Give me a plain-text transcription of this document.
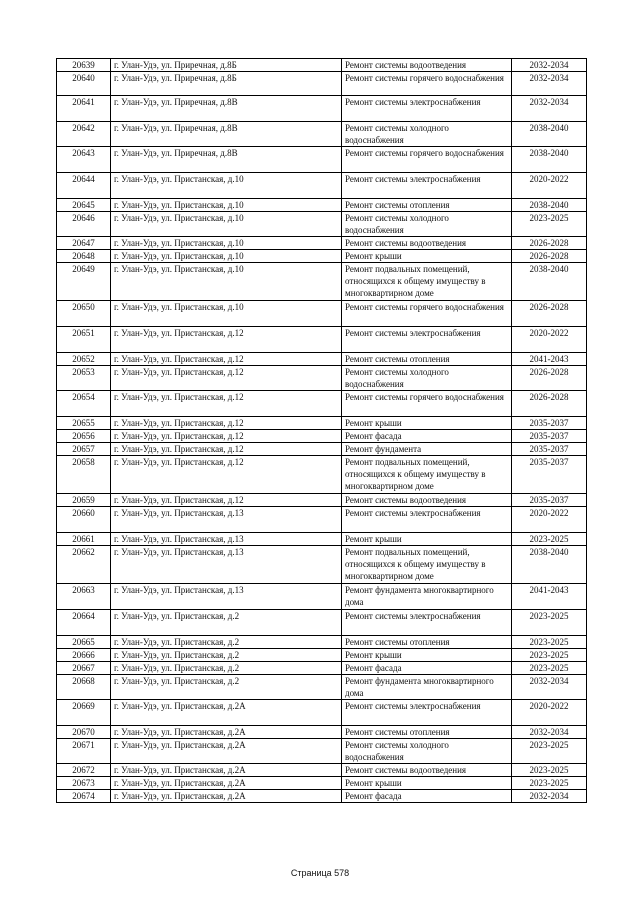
20639	г. Улан-Удэ, ул. Приречная, д.8Б	Ремонт системы водоотведения	2032-2034
20640	г. Улан-Удэ, ул. Приречная, д.8Б	Ремонт системы горячего водоснабжения	2032-2034
20641	г. Улан-Удэ, ул. Приречная, д.8В	Ремонт системы электроснабжения	2032-2034
20642	г. Улан-Удэ, ул. Приречная, д.8В	Ремонт системы холодного водоснабжения	2038-2040
20643	г. Улан-Удэ, ул. Приречная, д.8В	Ремонт системы горячего водоснабжения	2038-2040
20644	г. Улан-Удэ, ул. Пристанская, д.10	Ремонт системы электроснабжения	2020-2022
20645	г. Улан-Удэ, ул. Пристанская, д.10	Ремонт системы отопления	2038-2040
20646	г. Улан-Удэ, ул. Пристанская, д.10	Ремонт системы холодного водоснабжения	2023-2025
20647	г. Улан-Удэ, ул. Пристанская, д.10	Ремонт системы водоотведения	2026-2028
20648	г. Улан-Удэ, ул. Пристанская, д.10	Ремонт крыши	2026-2028
20649	г. Улан-Удэ, ул. Пристанская, д.10	Ремонт подвальных помещений, относящихся к общему имуществу в многоквартирном доме	2038-2040
20650	г. Улан-Удэ, ул. Пристанская, д.10	Ремонт системы горячего водоснабжения	2026-2028
20651	г. Улан-Удэ, ул. Пристанская, д.12	Ремонт системы электроснабжения	2020-2022
20652	г. Улан-Удэ, ул. Пристанская, д.12	Ремонт системы отопления	2041-2043
20653	г. Улан-Удэ, ул. Пристанская, д.12	Ремонт системы холодного водоснабжения	2026-2028
20654	г. Улан-Удэ, ул. Пристанская, д.12	Ремонт системы горячего водоснабжения	2026-2028
20655	г. Улан-Удэ, ул. Пристанская, д.12	Ремонт крыши	2035-2037
20656	г. Улан-Удэ, ул. Пристанская, д.12	Ремонт фасада	2035-2037
20657	г. Улан-Удэ, ул. Пристанская, д.12	Ремонт фундамента	2035-2037
20658	г. Улан-Удэ, ул. Пристанская, д.12	Ремонт подвальных помещений, относящихся к общему имуществу в многоквартирном доме	2035-2037
20659	г. Улан-Удэ, ул. Пристанская, д.12	Ремонт системы водоотведения	2035-2037
20660	г. Улан-Удэ, ул. Пристанская, д.13	Ремонт системы электроснабжения	2020-2022
20661	г. Улан-Удэ, ул. Пристанская, д.13	Ремонт крыши	2023-2025
20662	г. Улан-Удэ, ул. Пристанская, д.13	Ремонт подвальных помещений, относящихся к общему имуществу в многоквартирном доме	2038-2040
20663	г. Улан-Удэ, ул. Пристанская, д.13	Ремонт фундамента многоквартирного дома	2041-2043
20664	г. Улан-Удэ, ул. Пристанская, д.2	Ремонт системы электроснабжения	2023-2025
20665	г. Улан-Удэ, ул. Пристанская, д.2	Ремонт системы отопления	2023-2025
20666	г. Улан-Удэ, ул. Пристанская, д.2	Ремонт крыши	2023-2025
20667	г. Улан-Удэ, ул. Пристанская, д.2	Ремонт фасада	2023-2025
20668	г. Улан-Удэ, ул. Пристанская, д.2	Ремонт фундамента многоквартирного дома	2032-2034
20669	г. Улан-Удэ, ул. Пристанская, д.2А	Ремонт системы электроснабжения	2020-2022
20670	г. Улан-Удэ, ул. Пристанская, д.2А	Ремонт системы отопления	2032-2034
20671	г. Улан-Удэ, ул. Пристанская, д.2А	Ремонт системы холодного водоснабжения	2023-2025
20672	г. Улан-Удэ, ул. Пристанская, д.2А	Ремонт системы водоотведения	2023-2025
20673	г. Улан-Удэ, ул. Пристанская, д.2А	Ремонт крыши	2023-2025
20674	г. Улан-Удэ, ул. Пристанская, д.2А	Ремонт фасада	2032-2034
Страница 578
